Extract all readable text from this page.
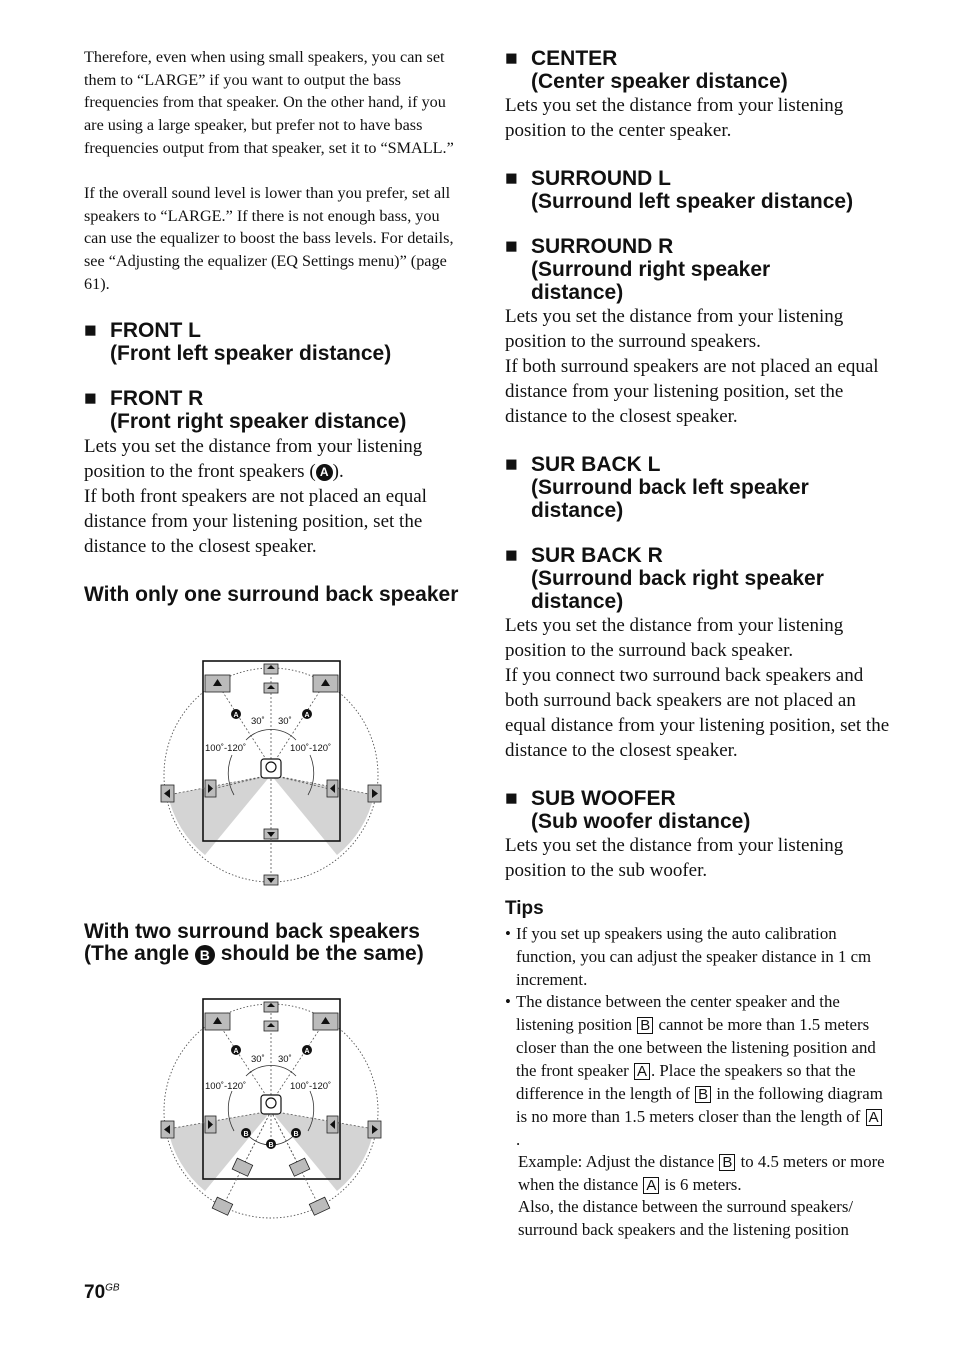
Therefore, even when using small speakers, you can set them to “LARGE” if you want to output the bass frequencies from that speaker. On the other hand, if you are using a large speaker, but prefer not to have bass frequencies output from that speaker, set it to “SMALL.”
If the overall sound level is lower than you prefer, set all speakers to “LARGE.” If there is not enough bass, you can use the equalizer to boost the bass levels. For details, see “Adjusting the equalizer (EQ Settings menu)” (page 61).
■ FRONT L
(Front left speaker distance)
■ FRONT R
(Front right speaker distance)
Lets you set the distance from your listening position to the front speakers ( A ).
If both front speakers are not placed an equal distance from your listening position, set the distance to the closest speaker.
With only one surround back speaker
With two surround back speakers
(The angle B should be the same)
A	A
30˚ 30˚
100˚-120˚	100˚-120˚
A	A
B
B
B
30˚ 30˚
100˚-120˚	100˚-120˚
■ CENTER
(Center speaker distance)
Lets you set the distance from your listening position to the center speaker.
■ SURROUND L
(Surround left speaker distance)
■ SURROUND R
(Surround right speaker
distance)
Lets you set the distance from your listening position to the surround speakers.
If both surround speakers are not placed an equal distance from your listening position, set the distance to the closest speaker.
■ SUR BACK L
(Surround back left speaker
distance)
■ SUR BACK R
(Surround back right speaker
distance)
Lets you set the distance from your listening position to the surround back speaker.
If you connect two surround back speakers and both surround back speakers are not placed an equal distance from your listening position, set the distance to the closest speaker.
■ SUB WOOFER
(Sub woofer distance)
Lets you set the distance from your listening position to the sub woofer.
Tips
• If you set up speakers using the auto calibration function, you can adjust the speaker distance in 1 cm increment.
• The distance between the center speaker and the listening position B cannot be more than 1.5 meters closer than the one between the listening position and the front speaker A . Place the speakers so that the difference in the length of B in the following diagram is no more than 1.5 meters closer than the length of A.
Example: Adjust the distance B to 4.5 meters or more when the distance A is 6 meters.
Also, the distance between the surround speakers/ surround back speakers and the listening position
$70^{GB}$
